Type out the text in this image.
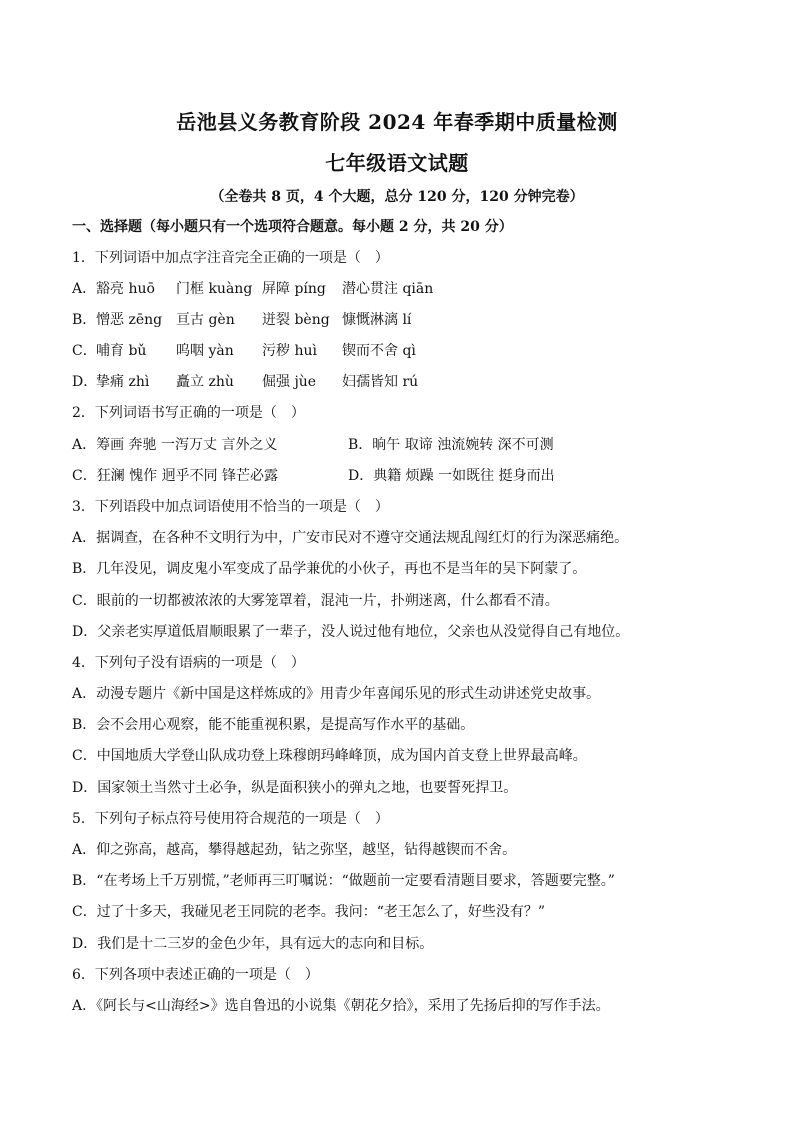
岳池县义务教育阶段 2024 年春季期中质量检测
七年级语文试题
（全卷共 8 页，4 个大题，总分 120 分，120 分钟完卷）
一、选择题（每小题只有一个选项符合题意。每小题 2 分，共 20 分）
1．下列词语中加点字注音完全正确的一项是（　）
A． 豁亮 huō 门框 kuàng 屏障 píng 潜心贯注 qiān
B． 憎恶 zēng 亘古 gèn 迸裂 bèng 慷慨淋漓 lí
C． 哺育 bǔ 呜咽 yàn 污秽 huì 锲而不舍 qì
D．
挚痛 zhì 矗立 zhù 倔强 jùe 妇孺皆知 rú
2．下列词语书写正确的一项是（　）
A．筹画 奔驰 一泻万丈 言外之义	B．晌午 取谛 浊流婉转 深不可测
C．狂澜 愧作 迥乎不同 锋芒必露	D．典籍 烦躁 一如既往 挺身而出
3．下列语段中加点词语使用不恰当的一项是（　）
A．据调查，在各种不文明行为中，广安市民对不遵守交通法规乱闯红灯的行为深恶痛绝。
B．几年没见，调皮鬼小军变成了品学兼优的小伙子，再也不是当年的吴下阿蒙了。
C．眼前的一切都被浓浓的大雾笼罩着，混沌一片，扑朔迷离，什么都看不清。
D．父亲老实厚道低眉顺眼累了一辈子，没人说过他有地位，父亲也从没觉得自己有地位。
4．下列句子没有语病的一项是（　）
A．动漫专题片《新中国是这样炼成的》用青少年喜闻乐见的形式生动讲述党史故事。
B．会不会用心观察，能不能重视积累，是提高写作水平的基础。
C．中国地质大学登山队成功登上珠穆朗玛峰峰顶，成为国内首支登上世界最高峰。
D．国家领土当然寸土必争，纵是面积狭小的弹丸之地，也要誓死捍卫。
5．下列句子标点符号使用符合规范的一项是（　）
A．仰之弥高，越高，攀得越起劲，钻之弥坚，越坚，钻得越锲而不舍。
B．“在考场上千万别慌，”老师再三叮嘱说：“做题前一定要看清题目要求，答题要完整。”
C．过了十多天，我碰见老王同院的老李。我问：“老王怎么了，好些没有？”
D．我们是十二三岁的金色少年，具有远大的志向和目标。
6．下列各项中表述正确的一项是（　）
A．《阿长与<山海经>》选自鲁迅的小说集《朝花夕拾》，采用了先扬后抑的写作手法。
